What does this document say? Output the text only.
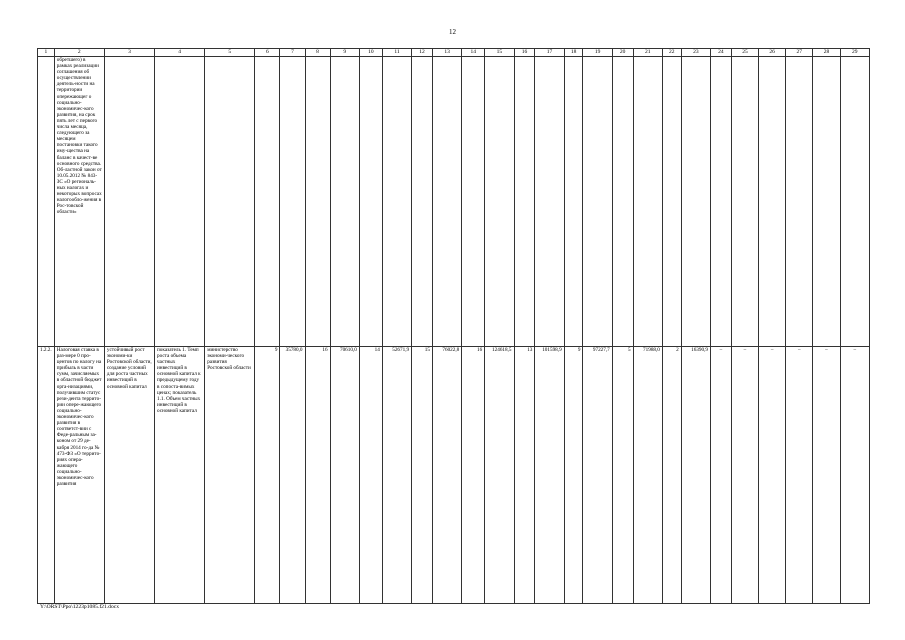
12
1	2	3	4	5	6	7	8	9	10	11	12	13	14	15	16	17	18	19	20	21	22	23	24	25	26	27	28	29
	обретшего) в рамках реализации соглашения об осуществлении деятель-ности на территории опережающег о социально-экономичес-кого развития, на срок пять лет с первого числа месяца, следующего за месяцем постановки такого иму-щества на баланс в качест-ве основного средства. Об-ластной закон от 10.05.2012 № 843-ЗС «О региональ-ных налогах и некоторых вопросах налогообло-жения в Рос-товской области»																											
1.2.2.	Налоговая ставка в раз-мере 0 про-центов по налогу на прибыль в части сумм, зачисляемых в областной бюджет орга-низациями, получившим статус рези-дента террито-рии опере-жающего социально-экономичес-кого развития в соответст-вии с Феде-ральным за-коном от 29 де-кабря 2014 го-да № 473-ФЗ «О террито-риях опера-жающего социально-экономичес-кого развития	устойчивый рост экономи-ки Ростовской области, создание условий для роста частных инвестиций в основной капитал	показатель 1. Темп роста объема частных инвестиций в основной капитал к предыдущему году в сопоста-вимых ценах; показатель 1.1. Объем частных инвестиций в основной капитал	министерство экономи-ческого развития Ростовской области	9	35780,0	16	70610,0	14	52671,9	15	76022,8	16	124618,5	13	101598,9	9	97227,7	5	71988,0	2	16390,9	–	–	–	–	–	–
Y:\ORST\Ppo\1223p1085.f21.docx
